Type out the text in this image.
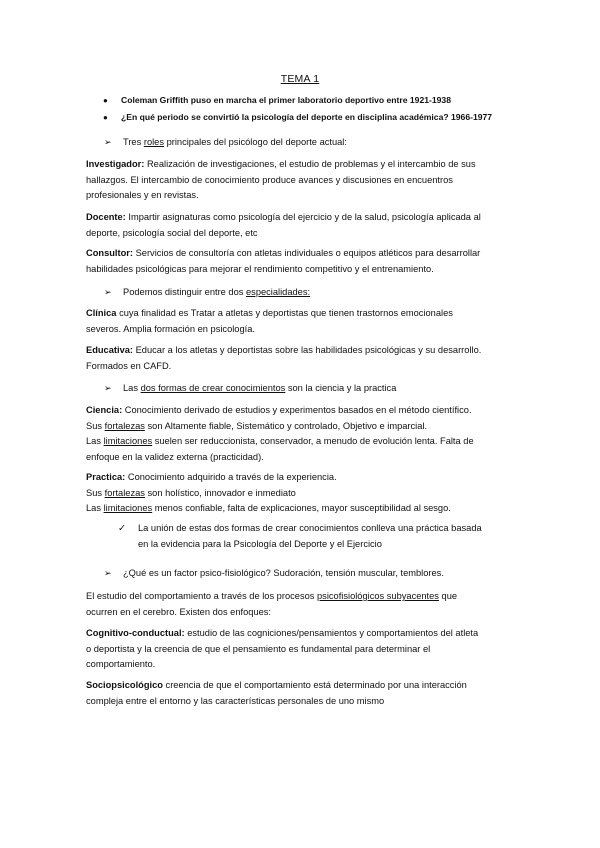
TEMA 1
●	Coleman Griffith puso en marcha el primer laboratorio deportivo entre 1921-1938
●	¿En qué periodo se convirtió la psicología del deporte en disciplina académica? 1966-1977
➢	Tres roles principales del psicólogo del deporte actual:

Investigador: Realización de investigaciones, el estudio de problemas y el intercambio de sus

hallazgos. El intercambio de conocimiento produce avances y discusiones en encuentros

profesionales y en revistas.

Docente: Impartir asignaturas como psicología del ejercicio y de la salud, psicología aplicada al

deporte, psicología social del deporte, etc

Consultor: Servicios de consultoría con atletas individuales o equipos atléticos para desarrollar

habilidades psicológicas para mejorar el rendimiento competitivo y el entrenamiento.

➢	Podemos distinguir entre dos especialidades:

Clínica cuya finalidad es Tratar a atletas y deportistas que tienen trastornos emocionales

severos. Amplia formación en psicología.

Educativa: Educar a los atletas y deportistas sobre las habilidades psicológicas y su desarrollo.

Formados en CAFD.

➢	Las dos formas de crear conocimientos son la ciencia y la practica

Ciencia: Conocimiento derivado de estudios y experimentos basados en el método científico.

Sus fortalezas son Altamente fiable, Sistemático y controlado, Objetivo e imparcial.

Las limitaciones suelen ser reduccionista, conservador, a menudo de evolución lenta. Falta de

enfoque en la validez externa (practicidad).

Practica: Conocimiento adquirido a través de la experiencia.

Sus fortalezas son holístico, innovador e inmediato

Las limitaciones menos confiable, falta de explicaciones, mayor susceptibilidad al sesgo.

✓	La unión de estas dos formas de crear conocimientos conlleva una práctica basada

en la evidencia para la Psicología del Deporte y el Ejercicio

➢	¿Qué es un factor psico-fisiológico? Sudoración, tensión muscular, temblores.

El estudio del comportamiento a través de los procesos psicofisiológicos subyacentes que

ocurren en el cerebro. Existen dos enfoques:

Cognitivo-conductual: estudio de las cogniciones/pensamientos y comportamientos del atleta

o deportista y la creencia de que el pensamiento es fundamental para determinar el

comportamiento.

Sociopsicológico creencia de que el comportamiento está determinado por una interacción

compleja entre el entorno y las características personales de uno mismo
